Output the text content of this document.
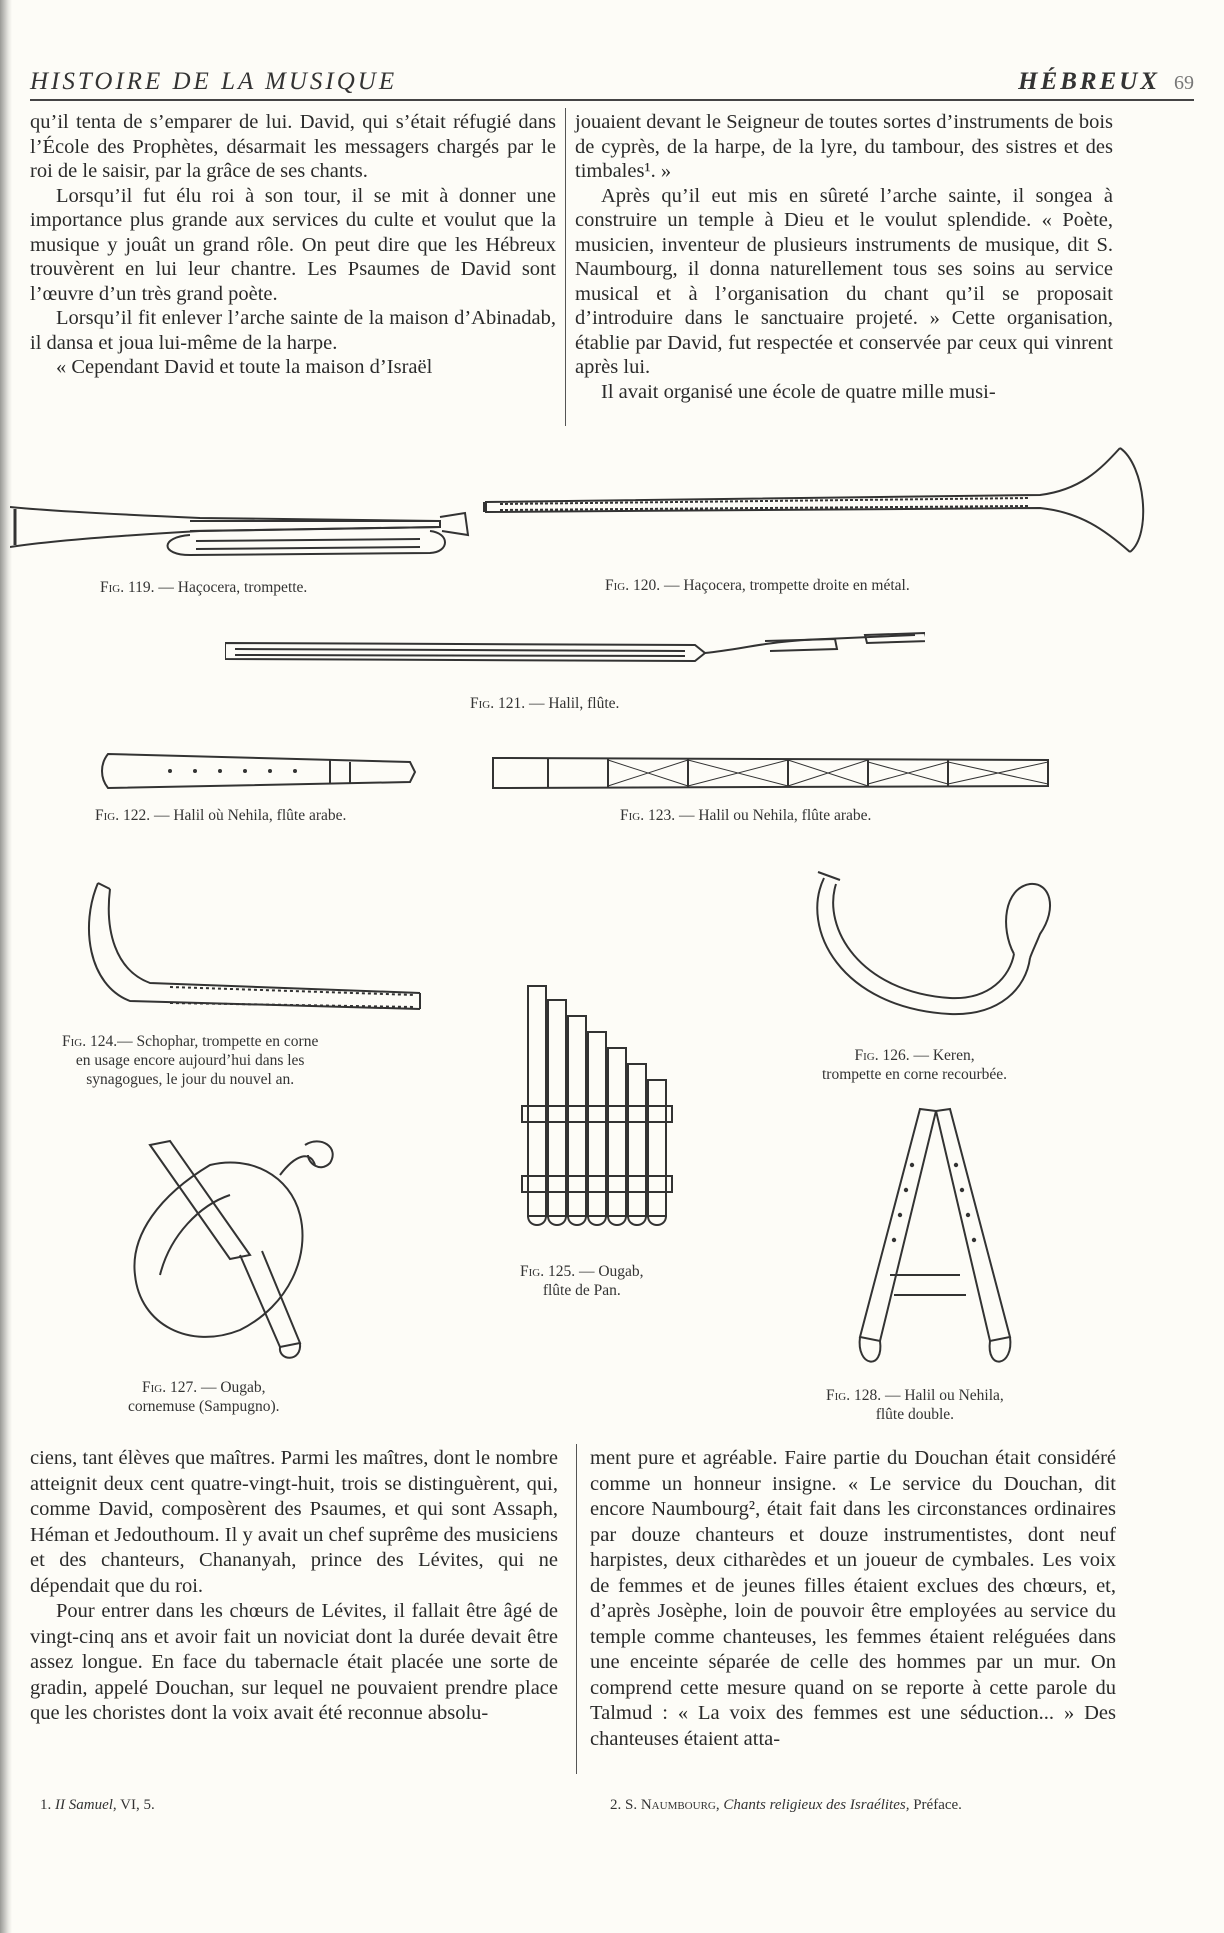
HISTOIRE DE LA MUSIQUE	HÉBREUX 69

qu’il tenta de s’emparer de lui. David, qui s’était réfugié dans l’École des Prophètes, désarmait les messagers chargés par le roi de le saisir, par la grâce de ses chants.

Lorsqu’il fut élu roi à son tour, il se mit à donner une importance plus grande aux services du culte et voulut que la musique y jouât un grand rôle. On peut dire que les Hébreux trouvèrent en lui leur chantre. Les Psaumes de David sont l’œuvre d’un très grand poète.

Lorsqu’il fit enlever l’arche sainte de la maison d’Abinadab, il dansa et joua lui-même de la harpe.

« Cependant David et toute la maison d’Israël

jouaient devant le Seigneur de toutes sortes d’instruments de bois de cyprès, de la harpe, de la lyre, du tambour, des sistres et des timbales¹. »

Après qu’il eut mis en sûreté l’arche sainte, il songea à construire un temple à Dieu et le voulut splendide. « Poète, musicien, inventeur de plusieurs instruments de musique, dit S. Naumbourg, il donna naturellement tous ses soins au service musical et à l’organisation du chant qu’il se proposait d’introduire dans le sanctuaire projeté. » Cette organisation, établie par David, fut respectée et conservée par ceux qui vinrent après lui.

Il avait organisé une école de quatre mille musi-

Fig. 119. — Haçocera, trompette.	Fig. 120. — Haçocera, trompette droite en métal.
Fig. 121. — Halil, flûte.
Fig. 122. — Halil où Nehila, flûte arabe.	Fig. 123. — Halil ou Nehila, flûte arabe.
Fig. 124.— Schophar, trompette en corne
en usage encore aujourd’hui dans les
synagogues, le jour du nouvel an.
Fig. 125. — Ougab,
flûte de Pan.
Fig. 126. — Keren,
trompette en corne recourbée.
Fig. 127. — Ougab,
cornemuse (Sampugno).
Fig. 128. — Halil ou Nehila,
flûte double.

ciens, tant élèves que maîtres. Parmi les maîtres, dont le nombre atteignit deux cent quatre-vingt-huit, trois se distinguèrent, qui, comme David, composèrent des Psaumes, et qui sont Assaph, Héman et Jedouthoum. Il y avait un chef suprême des musiciens et des chanteurs, Chananyah, prince des Lévites, qui ne dépendait que du roi.

Pour entrer dans les chœurs de Lévites, il fallait être âgé de vingt-cinq ans et avoir fait un noviciat dont la durée devait être assez longue. En face du tabernacle était placée une sorte de gradin, appelé Douchan, sur lequel ne pouvaient prendre place que les choristes dont la voix avait été reconnue absolu-

ment pure et agréable. Faire partie du Douchan était considéré comme un honneur insigne. « Le service du Douchan, dit encore Naumbourg², était fait dans les circonstances ordinaires par douze chanteurs et douze instrumentistes, dont neuf harpistes, deux citharèdes et un joueur de cymbales. Les voix de femmes et de jeunes filles étaient exclues des chœurs, et, d’après Josèphe, loin de pouvoir être employées au service du temple comme chanteuses, les femmes étaient reléguées dans une enceinte séparée de celle des hommes par un mur. On comprend cette mesure quand on se reporte à cette parole du Talmud : « La voix des femmes est une séduction... » Des chanteuses étaient atta-

1. II Samuel, VI, 5.	2. S. Naumbourg, Chants religieux des Israélites, Préface.
